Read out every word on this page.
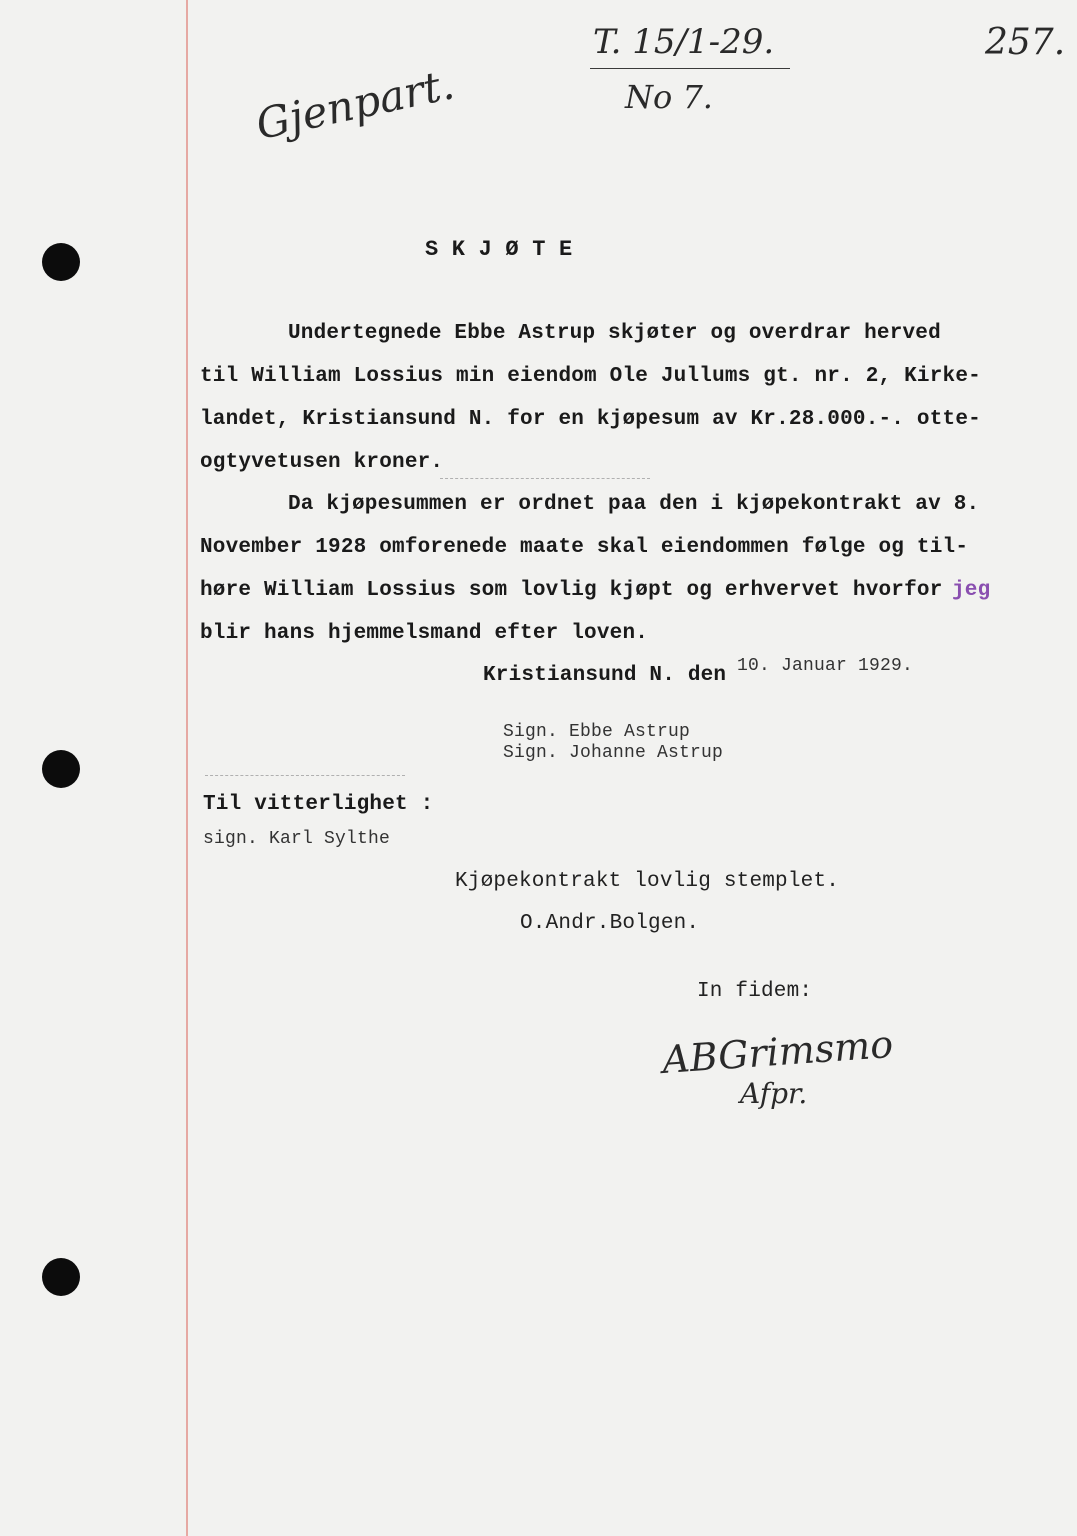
T. 15/1-29.
No 7.
257.
Gjenpart.
S K J Ø T E
Undertegnede Ebbe Astrup skjøter og overdrar herved
til William Lossius min eiendom Ole Jullums gt. nr. 2, Kirke-
landet, Kristiansund N. for en kjøpesum av Kr.28.000.-. otte-
ogtyvetusen kroner.
Da kjøpesummen er ordnet paa den i kjøpekontrakt av 8.
November 1928 omforenede maate skal eiendommen følge og til-
høre William Lossius som lovlig kjøpt og erhvervet hvorfor jeg
blir hans hjemmelsmand efter loven.
Kristiansund N. den 10. Januar 1929.
Sign. Ebbe Astrup
Sign. Johanne Astrup
Til vitterlighet :
sign. Karl Sylthe
Kjøpekontrakt lovlig stemplet.
O.Andr.Bolgen.
In fidem:
ABGrimsmo
Afpr.
